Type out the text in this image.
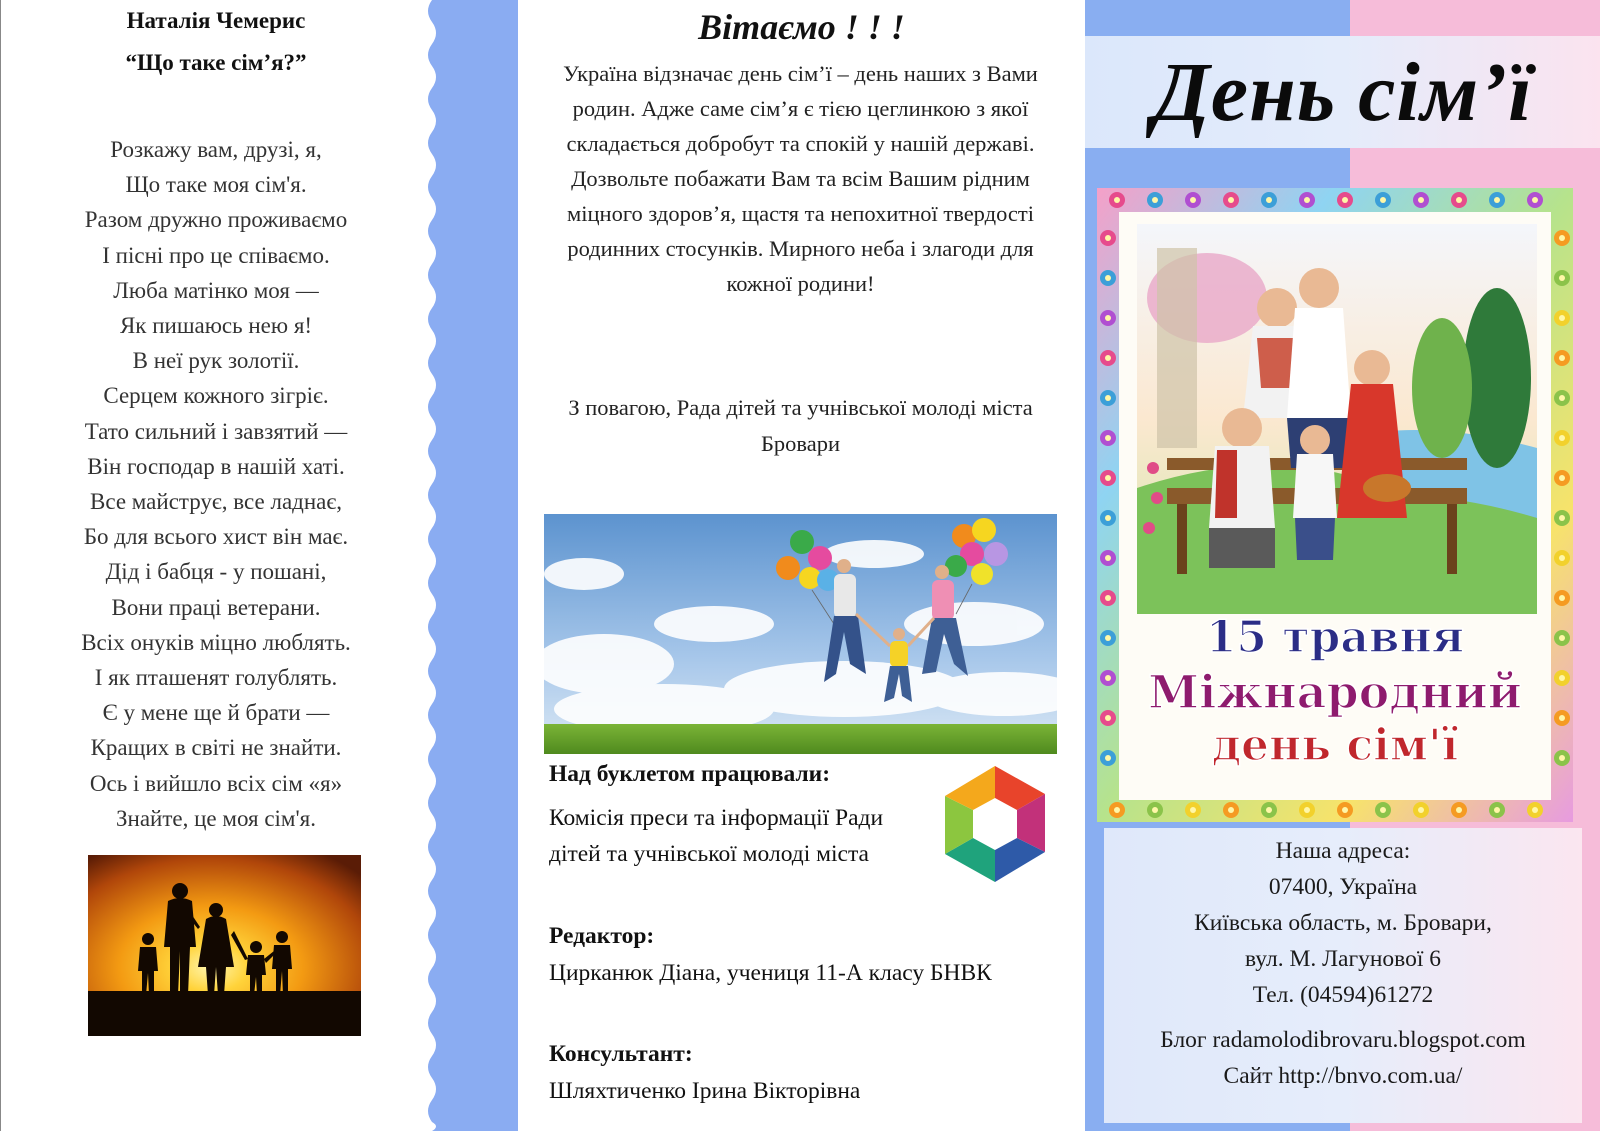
Наталія Чемерис
“Що таке сім’я?”
Розкажу вам, друзі, я,
Що таке моя сім'я.
Разом дружно проживаємо
І пісні про це співаємо.
Люба матінко моя —
Як пишаюсь нею я!
В неї рук золотії.
Серцем кожного зігріє.
Тато сильний і завзятий —
Він господар в нашій хаті.
Все майструє, все ладнає,
Бо для всього хист він має.
Дід і бабця - у пошані,
Вони праці ветерани.
Всіх онуків міцно люблять.
І як пташенят голублять.
Є у мене ще й брати —
Кращих в світі не знайти.
Ось і вийшло всіх сім «я»
Знайте, це моя сім'я.
Вітаємо ! ! !

Україна відзначає день сім’ї – день наших з Вами родин. Адже саме сім’я є тією цеглинкою з якої складається добробут та спокій у нашій державі. Дозвольте побажати Вам та всім Вашим рідним міцного здоров’я, щастя та непохитної твердості родинних стосунків. Мирного неба і злагоди для кожної родини!

З повагою, Рада дітей та учнівської молоді міста Бровари

Над буклетом працювали:
Комісія преси та інформації Ради дітей та учнівської молоді міста
Редактор:
Цирканюк Діана, учениця 11-А класу БНВК
Консультант:
Шляхтиченко Ірина Вікторівна
День сім’ї
15 травня
Міжнародний
день сім'ї
Наша адреса:
07400, Україна
Київська область, м. Бровари,
вул. М. Лагунової 6
Тел. (04594)61272
Блог radamolodibrovaru.blogspot.com
Сайт http://bnvo.com.ua/
